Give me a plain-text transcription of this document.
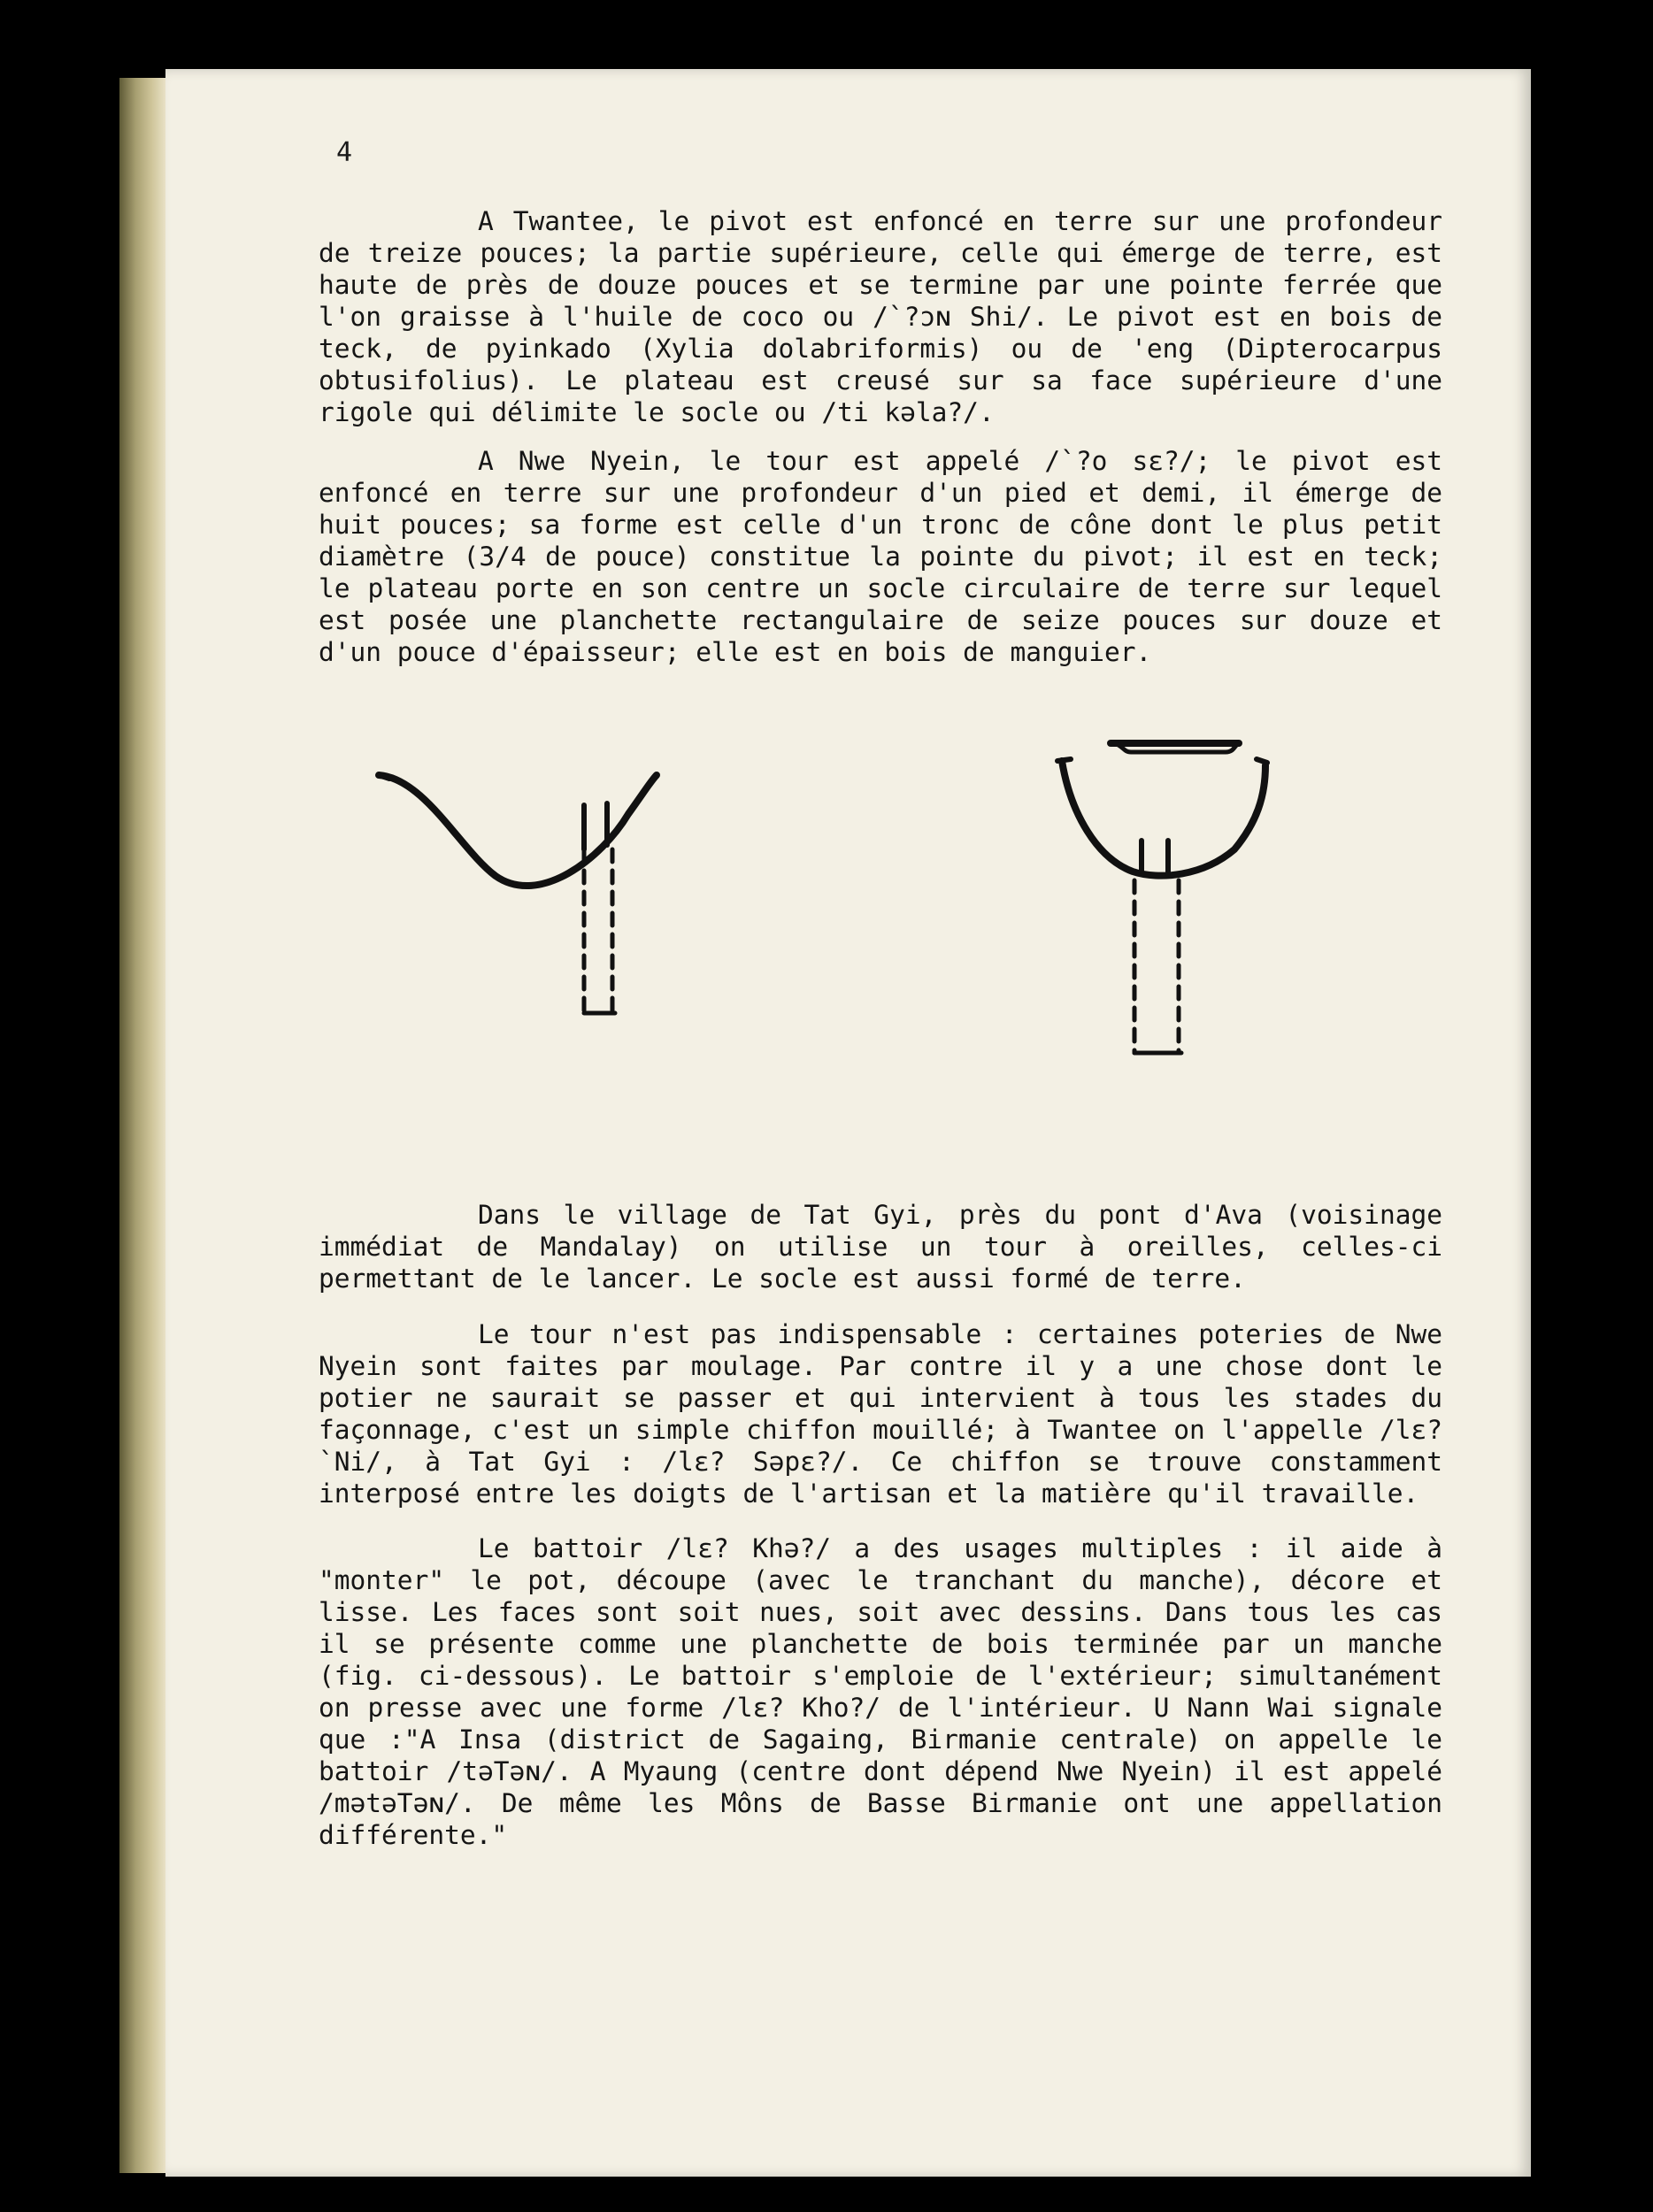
4

A Twantee, le pivot est enfoncé en terre sur une profondeur de treize pouces; la partie supérieure, celle qui émerge de terre, est haute de près de douze pouces et se termine par une pointe ferrée que l'on graisse à l'huile de coco ou /`?ɔɴ Shi/. Le pivot est en bois de teck, de pyinkado (Xylia dolabriformis) ou de 'eng (Dipterocarpus obtusifolius). Le plateau est creusé sur sa face supérieure d'une rigole qui délimite le socle ou /ti kəla?/.

A Nwe Nyein, le tour est appelé /`?o sɛ?/; le pivot est enfoncé en terre sur une profondeur d'un pied et demi, il émerge de huit pouces; sa forme est celle d'un tronc de cône dont le plus petit diamètre (3/4 de pouce) constitue la pointe du pivot; il est en teck; le plateau porte en son centre un socle circulaire de terre sur lequel est posée une planchette rectangulaire de seize pouces sur douze et d'un pouce d'épaisseur; elle est en bois de manguier.

Dans le village de Tat Gyi, près du pont d'Ava (voisinage immédiat de Mandalay) on utilise un tour à oreilles, celles-ci permettant de le lancer. Le socle est aussi formé de terre.

Le tour n'est pas indispensable : certaines poteries de Nwe Nyein sont faites par moulage. Par contre il y a une chose dont le potier ne saurait se passer et qui intervient à tous les stades du façonnage, c'est un simple chiffon mouillé; à Twantee on l'appelle /lɛ? `Ni/, à Tat Gyi : /lɛ? Səpɛ?/. Ce chiffon se trouve constamment interposé entre les doigts de l'artisan et la matière qu'il travaille.

Le battoir /lɛ? Khə?/ a des usages multiples : il aide à "monter" le pot, découpe (avec le tranchant du manche), décore et lisse. Les faces sont soit nues, soit avec dessins. Dans tous les cas il se présente comme une planchette de bois terminée par un manche (fig. ci-dessous). Le battoir s'emploie de l'extérieur; simultanément on presse avec une forme /lɛ? Kho?/ de l'intérieur. U Nann Wai signale que :"A Insa (district de Sagaing, Birmanie centrale) on appelle le battoir /təTəɴ/. A Myaung (centre dont dépend Nwe Nyein) il est appelé /mətəTəɴ/. De même les Môns de Basse Birmanie ont une appellation différente."
